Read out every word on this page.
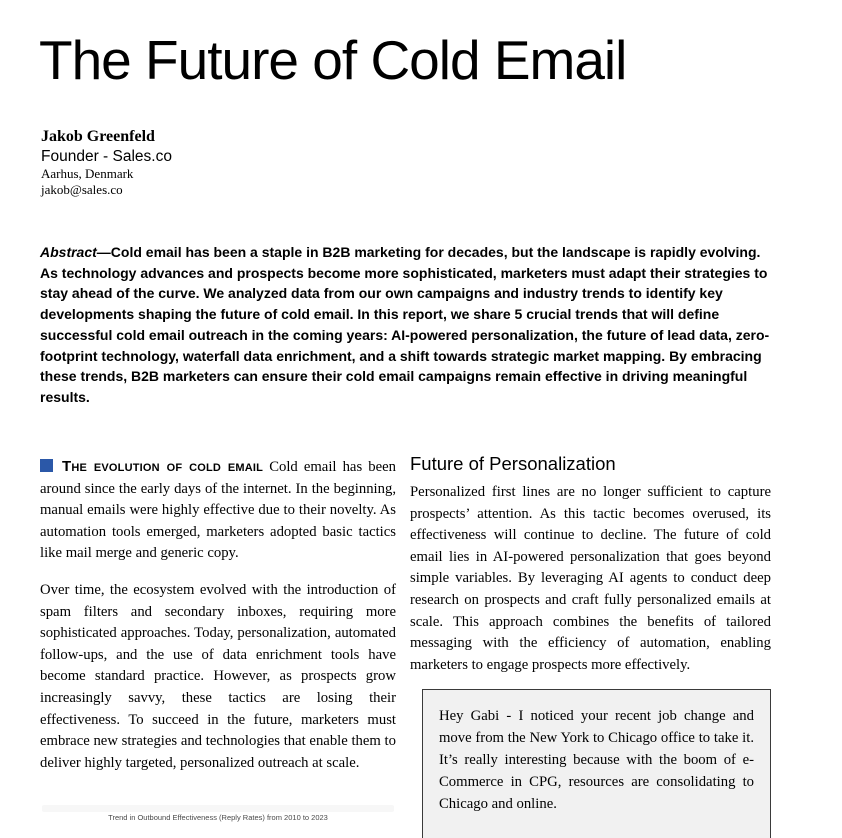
The Future of Cold Email
Jakob Greenfeld
Founder - Sales.co
Aarhus, Denmark
jakob@sales.co

Abstract—Cold email has been a staple in B2B marketing for decades, but the landscape is rapidly evolving. As technology advances and prospects become more sophisticated, marketers must adapt their strategies to stay ahead of the curve. We analyzed data from our own campaigns and industry trends to identify key developments shaping the future of cold email. In this report, we share 5 crucial trends that will define successful cold email outreach in the coming years: AI-powered personalization, the future of lead data, zero-footprint technology, waterfall data enrichment, and a shift towards strategic market mapping. By embracing these trends, B2B marketers can ensure their cold email campaigns remain effective in driving meaningful results.

The evolution of cold email Cold email has been around since the early days of the internet. In the beginning, manual emails were highly effective due to their novelty. As automation tools emerged, marketers adopted basic tactics like mail merge and generic copy.

Over time, the ecosystem evolved with the introduction of spam filters and secondary inboxes, requiring more sophisticated approaches. Today, personalization, automated follow-ups, and the use of data enrichment tools have become standard practice. However, as prospects grow increasingly savvy, these tactics are losing their effectiveness. To succeed in the future, marketers must embrace new strategies and technologies that enable them to deliver highly targeted, personalized outreach at scale.

Trend in Outbound Effectiveness (Reply Rates) from 2010 to 2023
Future of Personalization

Personalized first lines are no longer sufficient to capture prospects’ attention. As this tactic becomes overused, its effectiveness will continue to decline. The future of cold email lies in AI-powered personalization that goes beyond simple variables. By leveraging AI agents to conduct deep research on prospects and craft fully personalized emails at scale. This approach combines the benefits of tailored messaging with the efficiency of automation, enabling marketers to engage prospects more effectively.

Hey Gabi - I noticed your recent job change and move from the New York to Chicago office to take it. It’s really interesting because with the boom of e-Commerce in CPG, resources are consolidating to Chicago and online.
